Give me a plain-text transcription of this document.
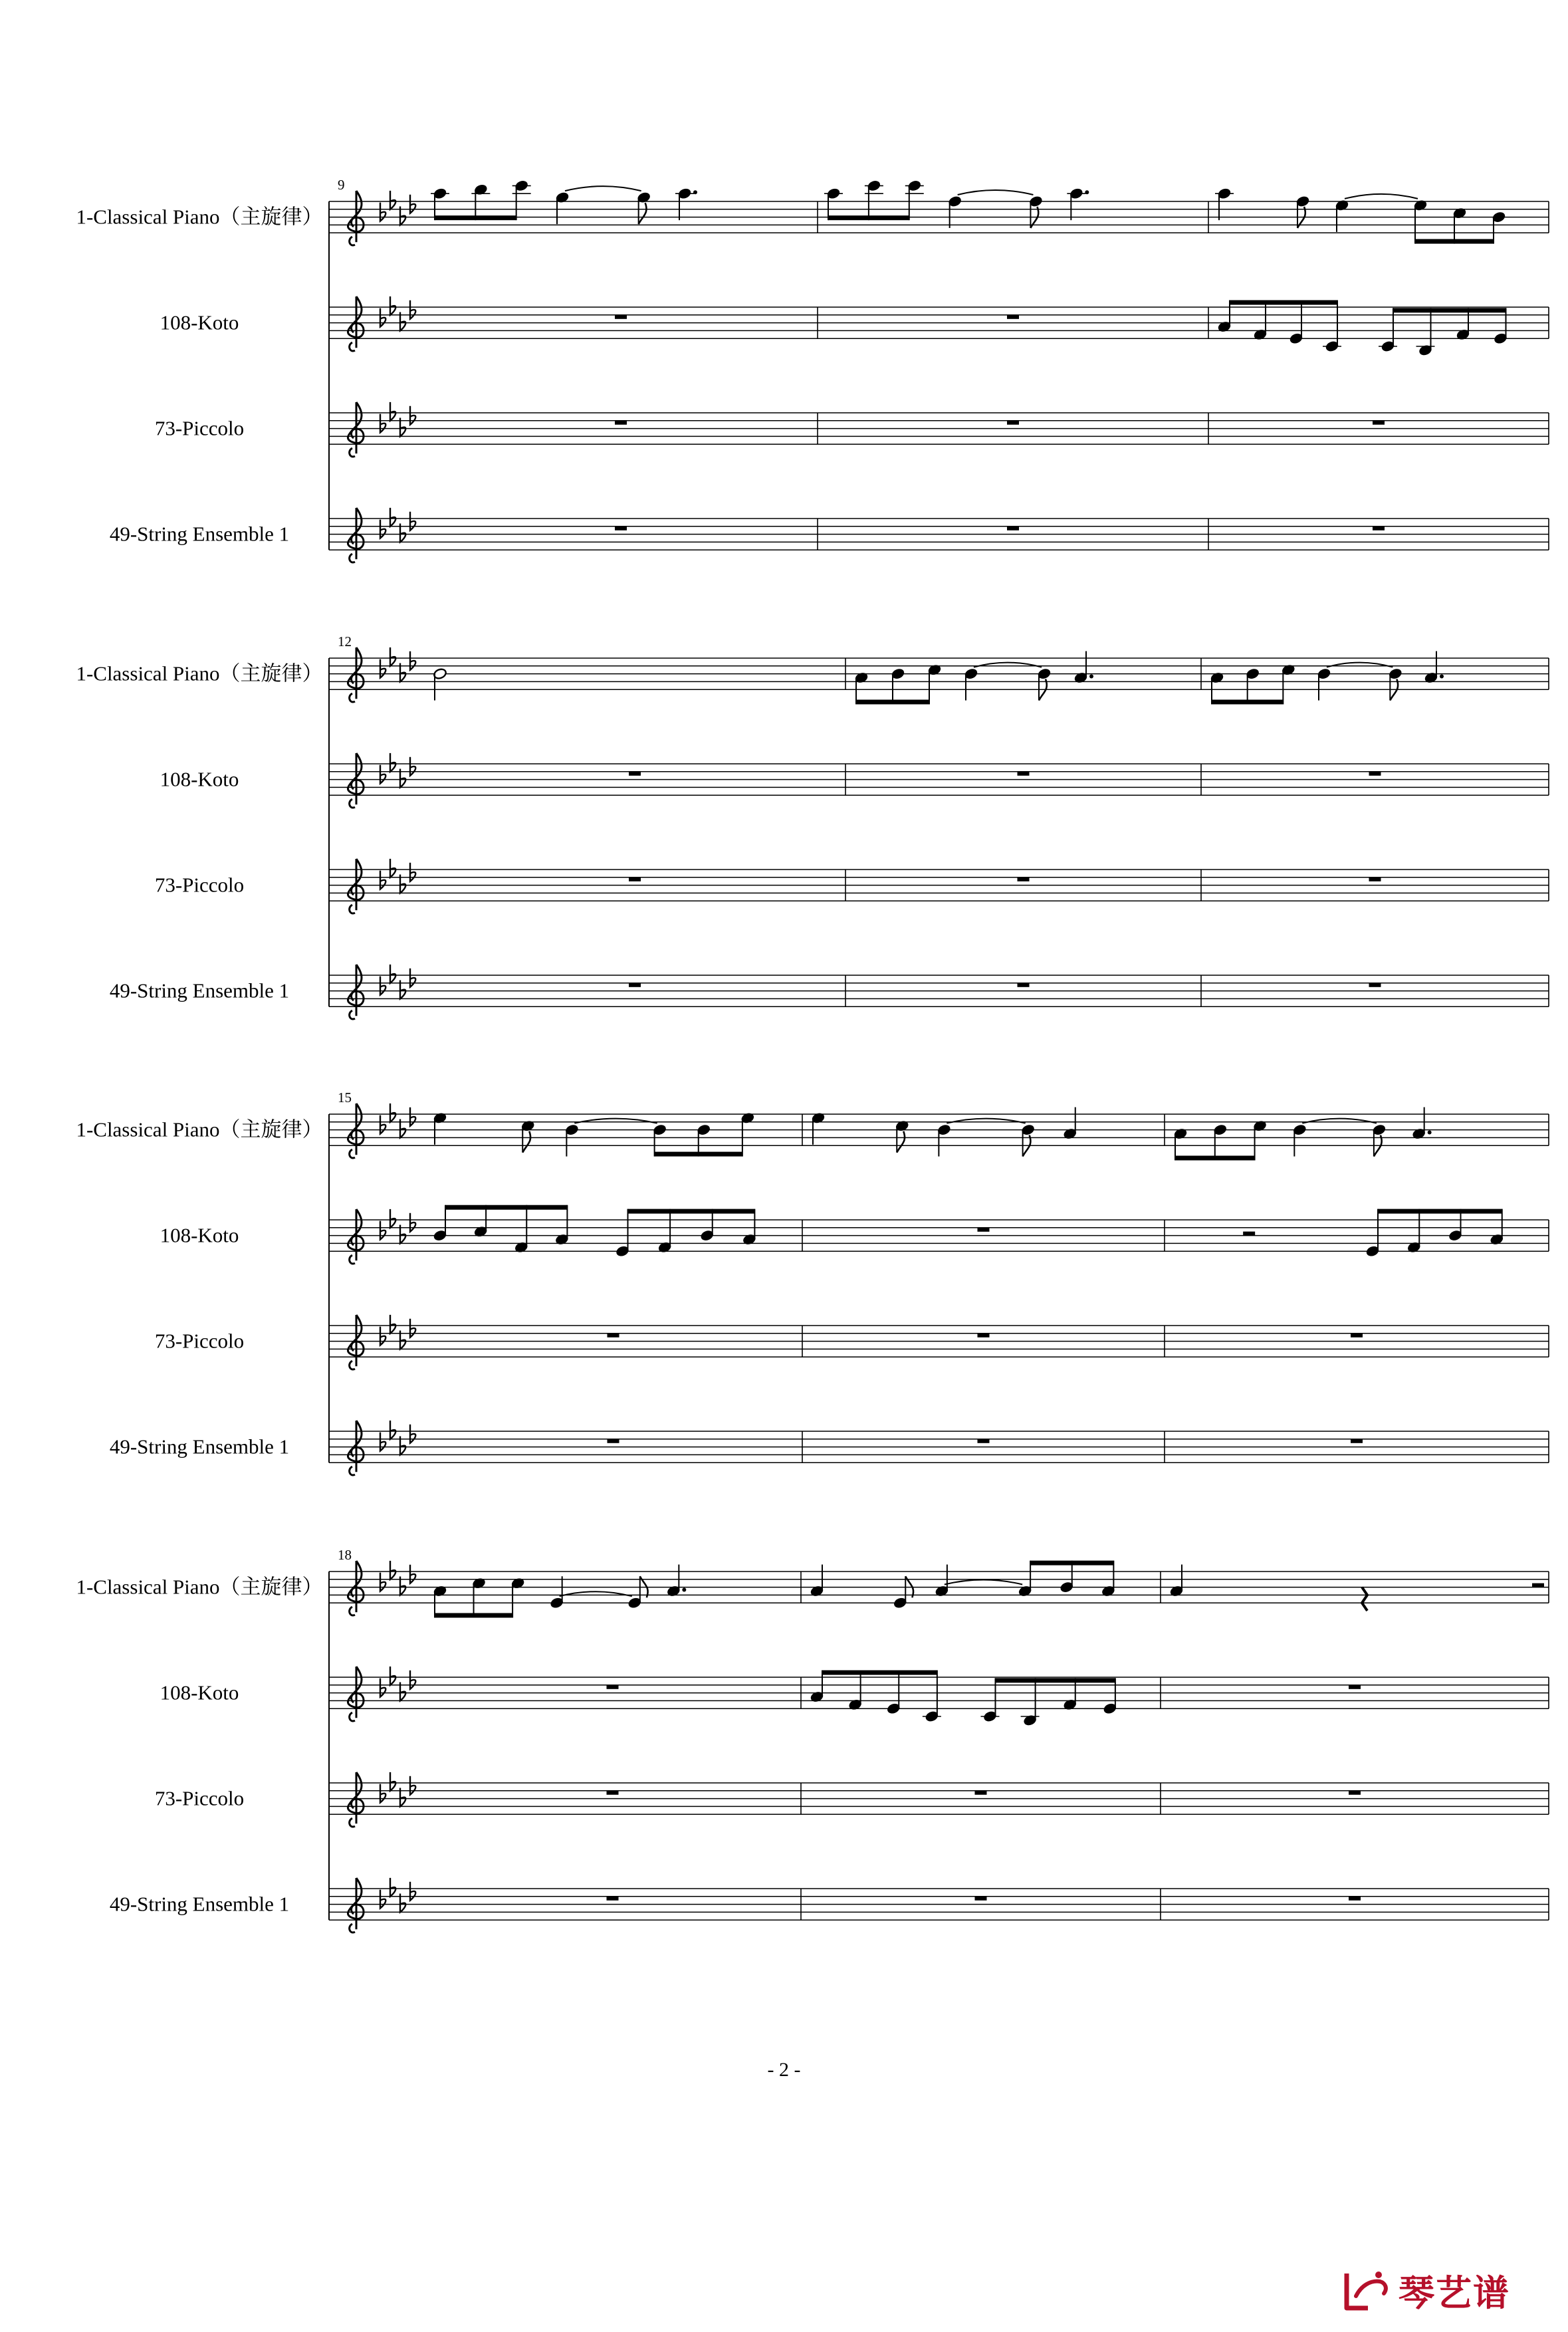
9
1-Classical Piano（主旋律）
108-Koto
73-Piccolo
49-String Ensemble 1
12
1-Classical Piano（主旋律）
108-Koto
73-Piccolo
49-String Ensemble 1
15
1-Classical Piano（主旋律）
108-Koto
73-Piccolo
49-String Ensemble 1
18
1-Classical Piano（主旋律）
108-Koto
73-Piccolo
49-String Ensemble 1
- 2 -
琴艺谱
